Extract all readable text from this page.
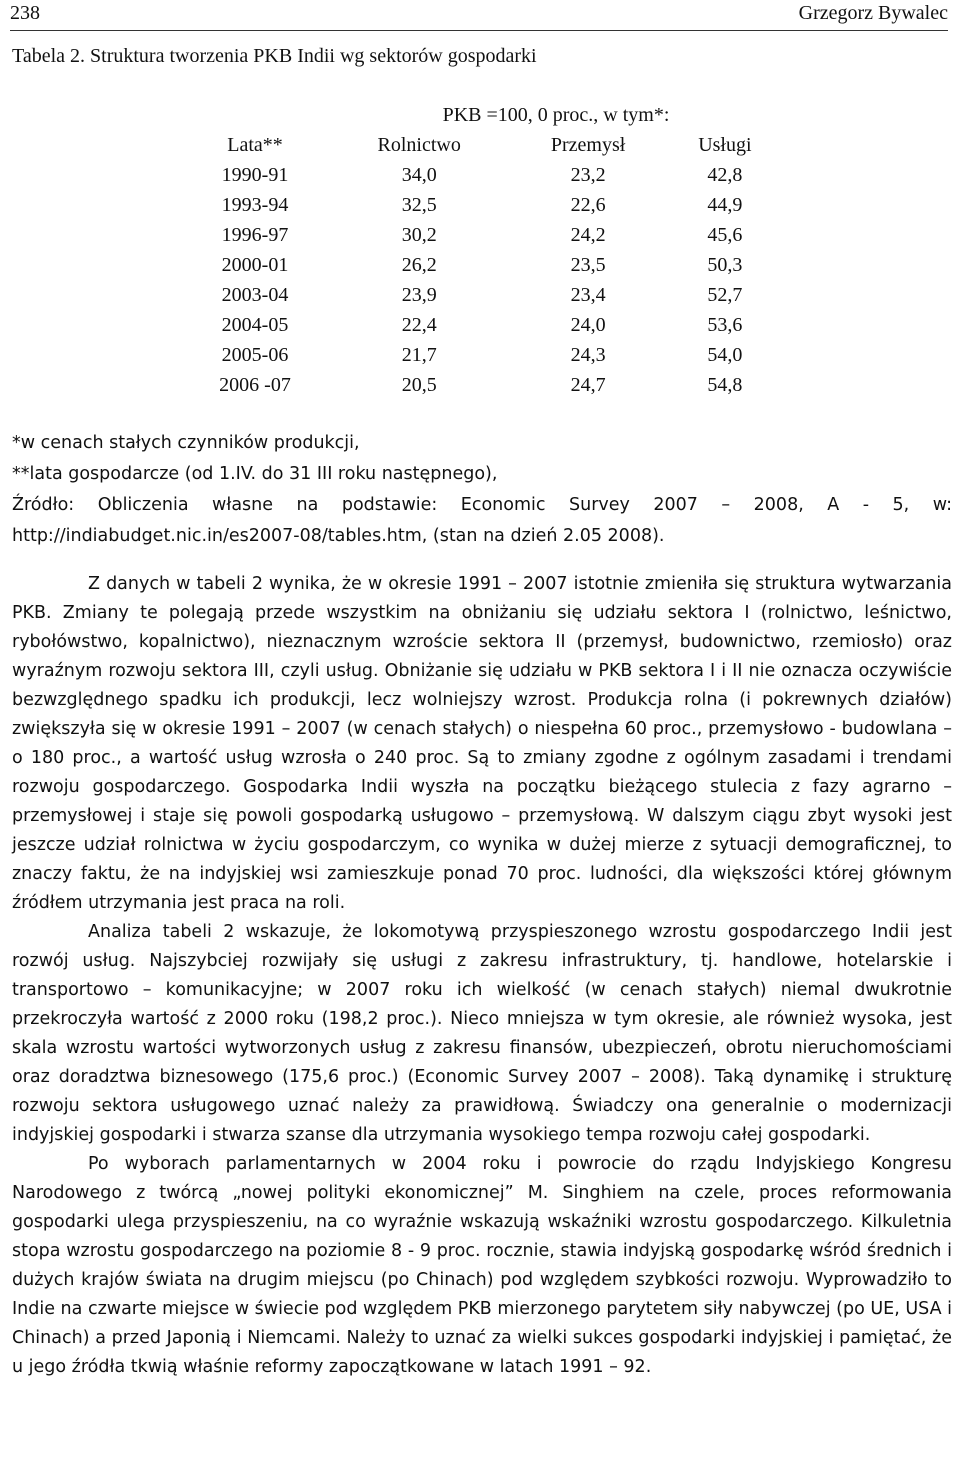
238	Grzegorz Bywalec
Tabela 2. Struktura tworzenia PKB Indii wg sektorów gospodarki
	PKB =100, 0 proc., w tym*:		
Lata**	Rolnictwo	Przemysł	Usługi
1990-91	34,0	23,2	42,8
1993-94	32,5	22,6	44,9
1996-97	30,2	24,2	45,6
2000-01	26,2	23,5	50,3
2003-04	23,9	23,4	52,7
2004-05	22,4	24,0	53,6
2005-06	21,7	24,3	54,0
2006 -07	20,5	24,7	54,8
*w cenach stałych czynników produkcji,
**lata gospodarcze (od 1.IV. do 31 III roku następnego),
Źródło: Obliczenia własne na podstawie: Economic Survey 2007 – 2008, A - 5, w:
http://indiabudget.nic.in/es2007-08/tables.htm, (stan na dzień 2.05 2008).

Z danych w tabeli 2 wynika, że w okresie 1991 – 2007 istotnie zmieniła się struktura wytwarzania PKB. Zmiany te polegają przede wszystkim na obniżaniu się udziału sektora I (rolnictwo, leśnictwo, rybołówstwo, kopalnictwo), nieznacznym wzroście sektora II (przemysł, budownictwo, rzemiosło) oraz wyraźnym rozwoju sektora III, czyli usług. Obniżanie się udziału w PKB sektora I i II nie oznacza oczywiście bezwzględnego spadku ich produkcji, lecz wolniejszy wzrost. Produkcja rolna (i pokrewnych działów) zwiększyła się w okresie 1991 – 2007 (w cenach stałych) o niespełna 60 proc., przemysłowo - budowlana – o 180 proc., a wartość usług wzrosła o 240 proc. Są to zmiany zgodne z ogólnym zasadami i trendami rozwoju gospodarczego. Gospodarka Indii wyszła na początku bieżącego stulecia z fazy agrarno – przemysłowej i staje się powoli gospodarką usługowo – przemysłową. W dalszym ciągu zbyt wysoki jest jeszcze udział rolnictwa w życiu gospodarczym, co wynika w dużej mierze z sytuacji demograficznej, to znaczy faktu, że na indyjskiej wsi zamieszkuje ponad 70 proc. ludności, dla większości której głównym źródłem utrzymania jest praca na roli.

Analiza tabeli 2 wskazuje, że lokomotywą przyspieszonego wzrostu gospodarczego Indii jest rozwój usług. Najszybciej rozwijały się usługi z zakresu infrastruktury, tj. handlowe, hotelarskie i transportowo – komunikacyjne; w 2007 roku ich wielkość (w cenach stałych) niemal dwukrotnie przekroczyła wartość z 2000 roku (198,2 proc.). Nieco mniejsza w tym okresie, ale również wysoka, jest skala wzrostu wartości wytworzonych usług z zakresu finansów, ubezpieczeń, obrotu nieruchomościami oraz doradztwa biznesowego (175,6 proc.) (Economic Survey 2007 – 2008). Taką dynamikę i strukturę rozwoju sektora usługowego uznać należy za prawidłową. Świadczy ona generalnie o modernizacji indyjskiej gospodarki i stwarza szanse dla utrzymania wysokiego tempa rozwoju całej gospodarki.

Po wyborach parlamentarnych w 2004 roku i powrocie do rządu Indyjskiego Kongresu Narodowego z twórcą „nowej polityki ekonomicznej” M. Singhiem na czele, proces reformowania gospodarki ulega przyspieszeniu, na co wyraźnie wskazują wskaźniki wzrostu gospodarczego. Kilkuletnia stopa wzrostu gospodarczego na poziomie 8 - 9 proc. rocznie, stawia indyjską gospodarkę wśród średnich i dużych krajów świata na drugim miejscu (po Chinach) pod względem szybkości rozwoju. Wyprowadziło to Indie na czwarte miejsce w świecie pod względem PKB mierzonego parytetem siły nabywczej (po UE, USA i Chinach) a przed Japonią i Niemcami. Należy to uznać za wielki sukces gospodarki indyjskiej i pamiętać, że u jego źródła tkwią właśnie reformy zapoczątkowane w latach 1991 – 92.
